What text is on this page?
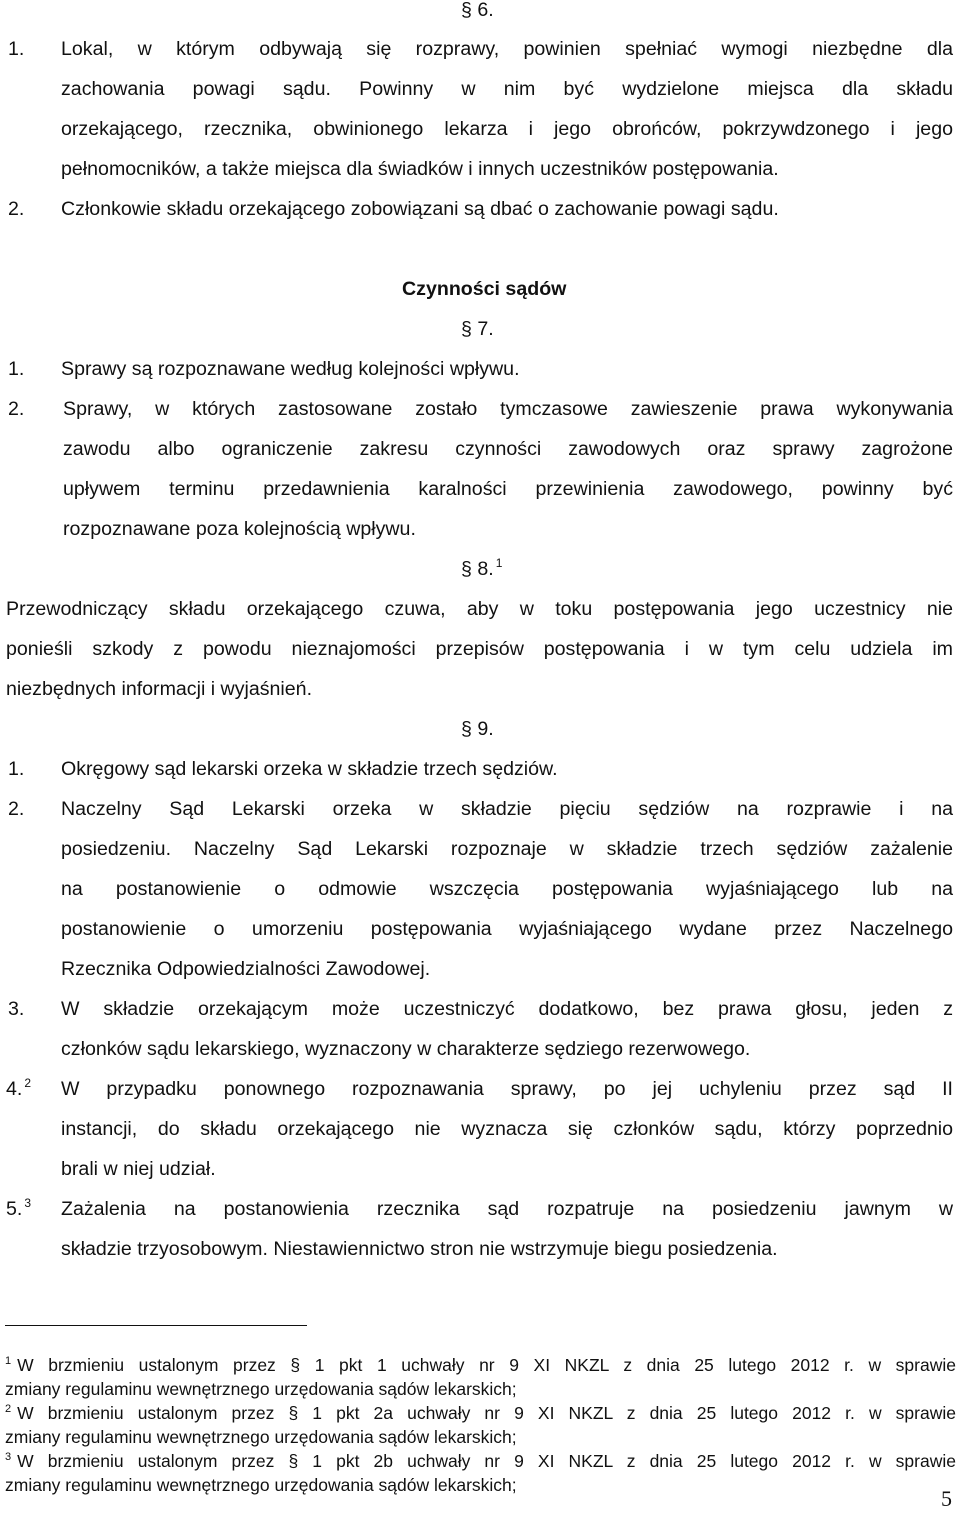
§ 6.
1. Lokal, w którym odbywają się rozprawy, powinien spełniać wymogi niezbędne dla
zachowania powagi sądu. Powinny w nim być wydzielone miejsca dla składu
orzekającego, rzecznika, obwinionego lekarza i jego obrońców, pokrzywdzonego i jego
pełnomocników, a także miejsca dla świadków i innych uczestników postępowania.
2. Członkowie składu orzekającego zobowiązani są dbać o zachowanie powagi sądu.
Czynności sądów
§ 7.
1. Sprawy są rozpoznawane według kolejności wpływu.
2. Sprawy, w których zastosowane zostało tymczasowe zawieszenie prawa wykonywania
zawodu albo ograniczenie zakresu czynności zawodowych oraz sprawy zagrożone
upływem terminu przedawnienia karalności przewinienia zawodowego, powinny być
rozpoznawane poza kolejnością wpływu.
§ 8. $^1$
Przewodniczący składu orzekającego czuwa, aby w toku postępowania jego uczestnicy nie
ponieśli szkody z powodu nieznajomości przepisów postępowania i w tym celu udziela im
niezbędnych informacji i wyjaśnień.
§ 9.
1. Okręgowy sąd lekarski orzeka w składzie trzech sędziów.
2. Naczelny Sąd Lekarski orzeka w składzie pięciu sędziów na rozprawie i na
posiedzeniu. Naczelny Sąd Lekarski rozpoznaje w składzie trzech sędziów zażalenie
na postanowienie o odmowie wszczęcia postępowania wyjaśniającego lub na
postanowienie o umorzeniu postępowania wyjaśniającego wydane przez Naczelnego
Rzecznika Odpowiedzialności Zawodowej.
3. W składzie orzekającym może uczestniczyć dodatkowo, bez prawa głosu, jeden z
członków sądu lekarskiego, wyznaczony w charakterze sędziego rezerwowego.
4. $^2$ W przypadku ponownego rozpoznawania sprawy, po jej uchyleniu przez sąd II
instancji, do składu orzekającego nie wyznacza się członków sądu, którzy poprzednio
brali w niej udział.
5. $^3$ Zażalenia na postanowienia rzecznika sąd rozpatruje na posiedzeniu jawnym w
składzie trzyosobowym. Niestawiennictwo stron nie wstrzymuje biegu posiedzenia.
$^1$ W brzmieniu ustalonym przez § 1 pkt 1 uchwały nr 9 XI NKZL z dnia 25 lutego 2012 r. w sprawie
zmiany regulaminu wewnętrznego urzędowania sądów lekarskich;
$^2$ W brzmieniu ustalonym przez § 1 pkt 2a uchwały nr 9 XI NKZL z dnia 25 lutego 2012 r. w sprawie
zmiany regulaminu wewnętrznego urzędowania sądów lekarskich;
$^3$ W brzmieniu ustalonym przez § 1 pkt 2b uchwały nr 9 XI NKZL z dnia 25 lutego 2012 r. w sprawie
zmiany regulaminu wewnętrznego urzędowania sądów lekarskich;
5
